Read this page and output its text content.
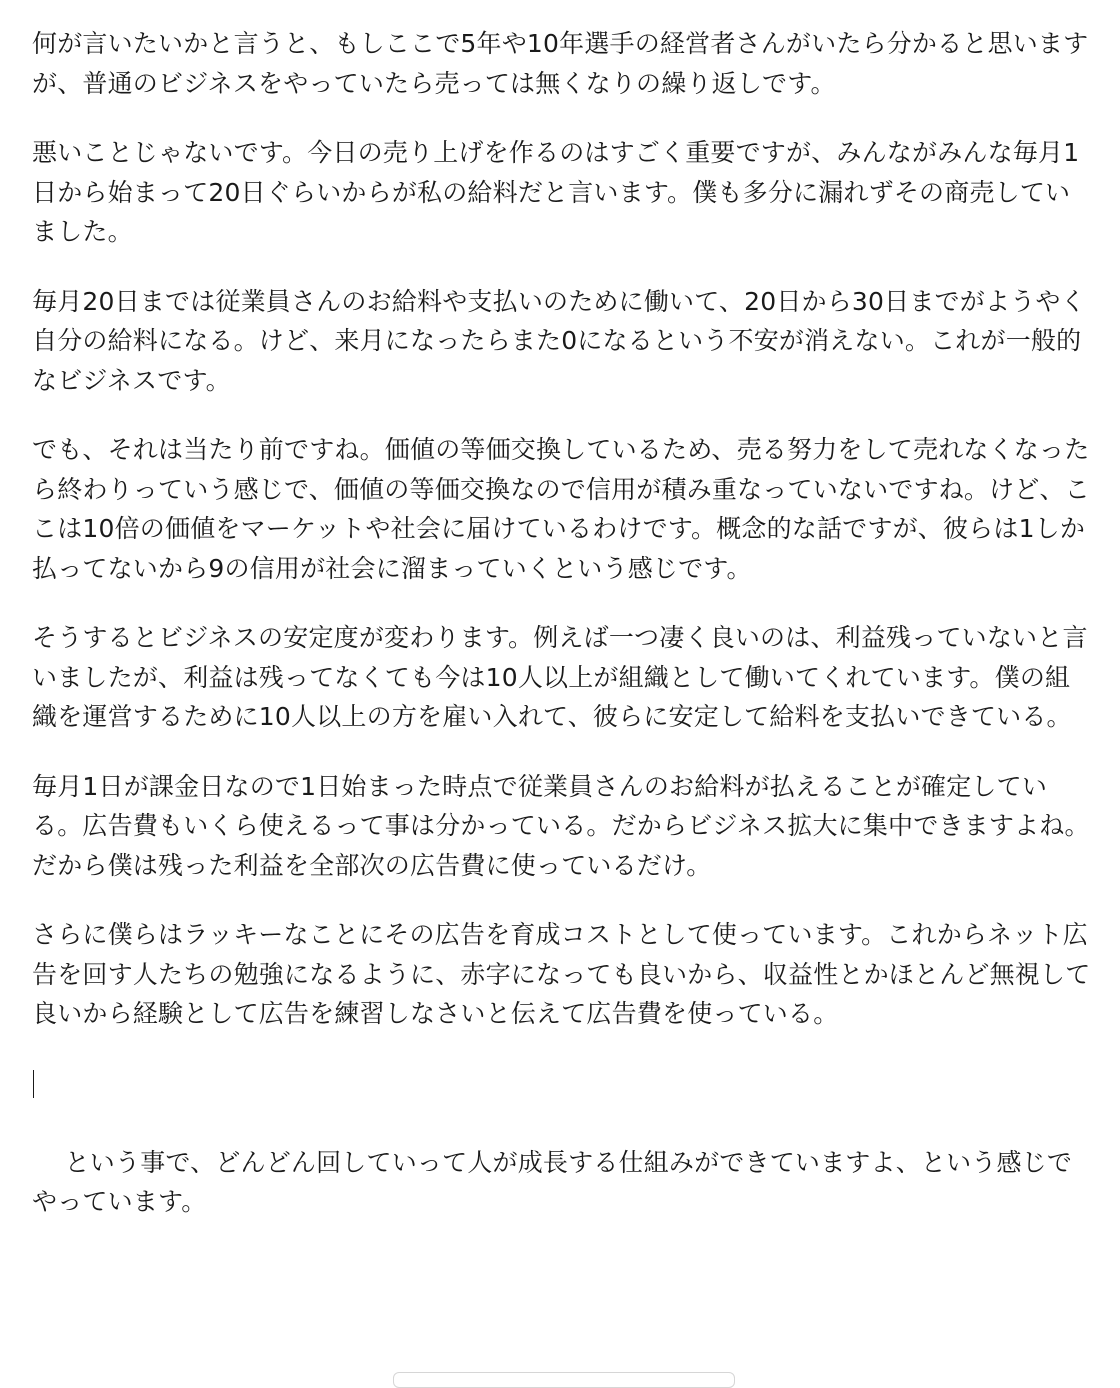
何が言いたいかと言うと、もしここで5年や10年選手の経営者さんがいたら分かると思いますが、普通のビジネスをやっていたら売っては無くなりの繰り返しです。

悪いことじゃないです。今日の売り上げを作るのはすごく重要ですが、みんながみんな毎月1日から始まって20日ぐらいからが私の給料だと言います。僕も多分に漏れずその商売していました。

毎月20日までは従業員さんのお給料や支払いのために働いて、20日から30日までがようやく自分の給料になる。けど、来月になったらまた0になるという不安が消えない。これが一般的なビジネスです。

でも、それは当たり前ですね。価値の等価交換しているため、売る努力をして売れなくなったら終わりっていう感じで、価値の等価交換なので信用が積み重なっていないですね。けど、ここは10倍の価値をマーケットや社会に届けているわけです。概念的な話ですが、彼らは1しか払ってないから9の信用が社会に溜まっていくという感じです。

そうするとビジネスの安定度が変わります。例えば一つ凄く良いのは、利益残っていないと言いましたが、利益は残ってなくても今は10人以上が組織として働いてくれています。僕の組織を運営するために10人以上の方を雇い入れて、彼らに安定して給料を支払いできている。

毎月1日が課金日なので1日始まった時点で従業員さんのお給料が払えることが確定している。広告費もいくら使えるって事は分かっている。だからビジネス拡大に集中できますよね。だから僕は残った利益を全部次の広告費に使っているだけ。

さらに僕らはラッキーなことにその広告を育成コストとして使っています。これからネット広告を回す人たちの勉強になるように、赤字になっても良いから、収益性とかほとんど無視して良いから経験として広告を練習しなさいと伝えて広告費を使っている。

という事で、どんどん回していって人が成長する仕組みができていますよ、という感じでやっています。
